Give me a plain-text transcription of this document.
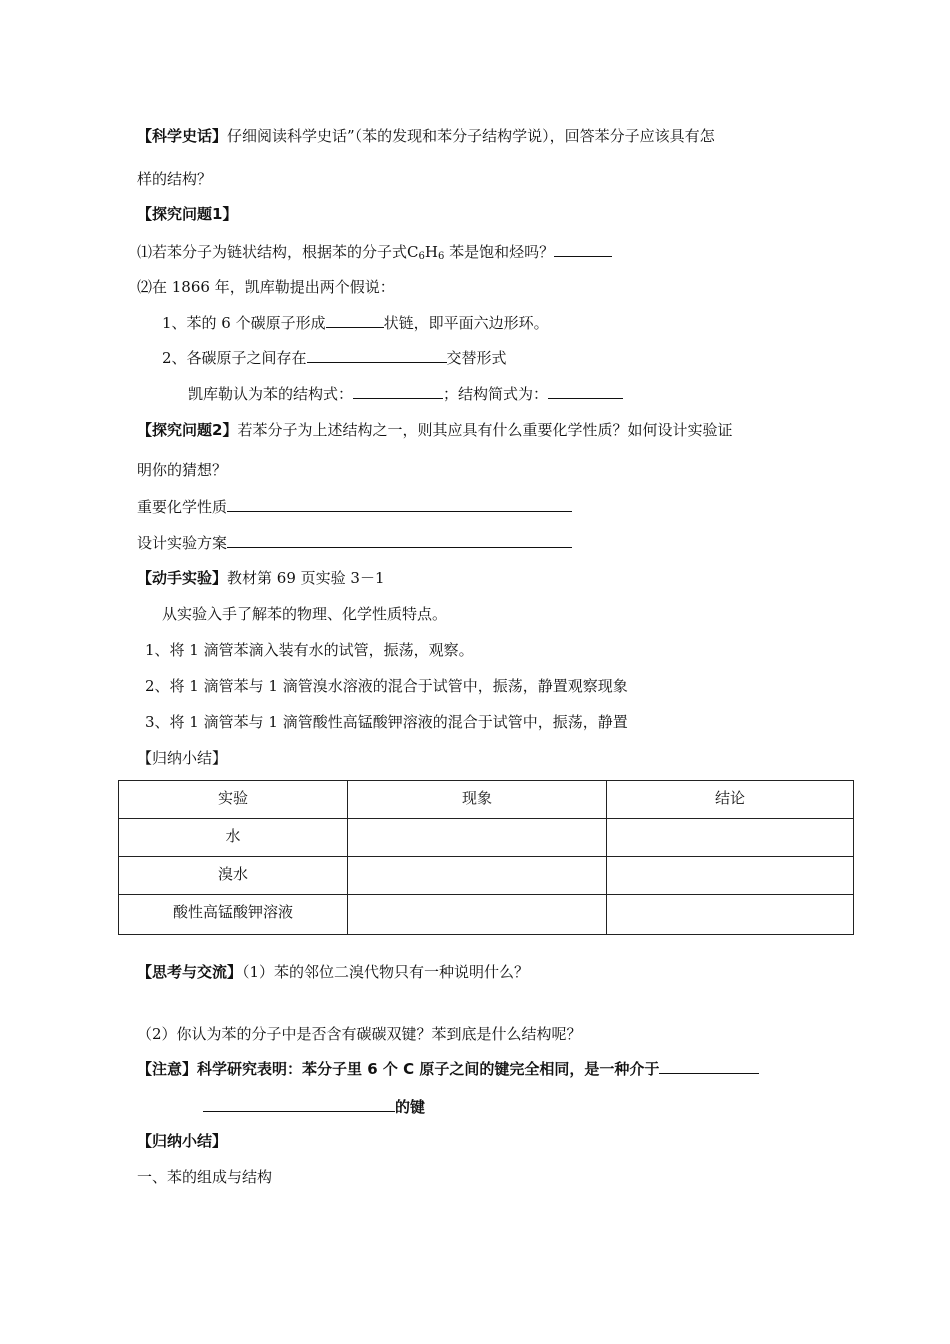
【科学史话】仔细阅读科学史话”（苯的发现和苯分子结构学说），回答苯分子应该具有怎
样的结构？
【探究问题1】
⑴若苯分子为链状结构，根据苯的分子式$C_6H_6$ 苯是饱和烃吗？
⑵在 1866 年，凯库勒提出两个假说：
1、苯的 6 个碳原子形成	状链，即平面六边形环。
2、各碳原子之间存在	交替形式
凯库勒认为苯的结构式：	；结构简式为：
【探究问题2】若苯分子为上述结构之一，则其应具有什么重要化学性质？如何设计实验证
明你的猜想？
重要化学性质
设计实验方案
【动手实验】教材第 69 页实验 3－1
从实验入手了解苯的物理、化学性质特点。
1、将 1 滴管苯滴入装有水的试管，振荡，观察。
2、将 1 滴管苯与 1 滴管溴水溶液的混合于试管中，振荡，静置观察现象
3、将 1 滴管苯与 1 滴管酸性高锰酸钾溶液的混合于试管中，振荡，静置
【归纳小结】
实验	现象	结论
水		
溴水		
酸性高锰酸钾溶液		
【思考与交流】（1）苯的邻位二溴代物只有一种说明什么？
（2）你认为苯的分子中是否含有碳碳双键？苯到底是什么结构呢？
【注意】科学研究表明：苯分子里 6 个 C 原子之间的键完全相同，是一种介于
的键
【归纳小结】
一、苯的组成与结构
